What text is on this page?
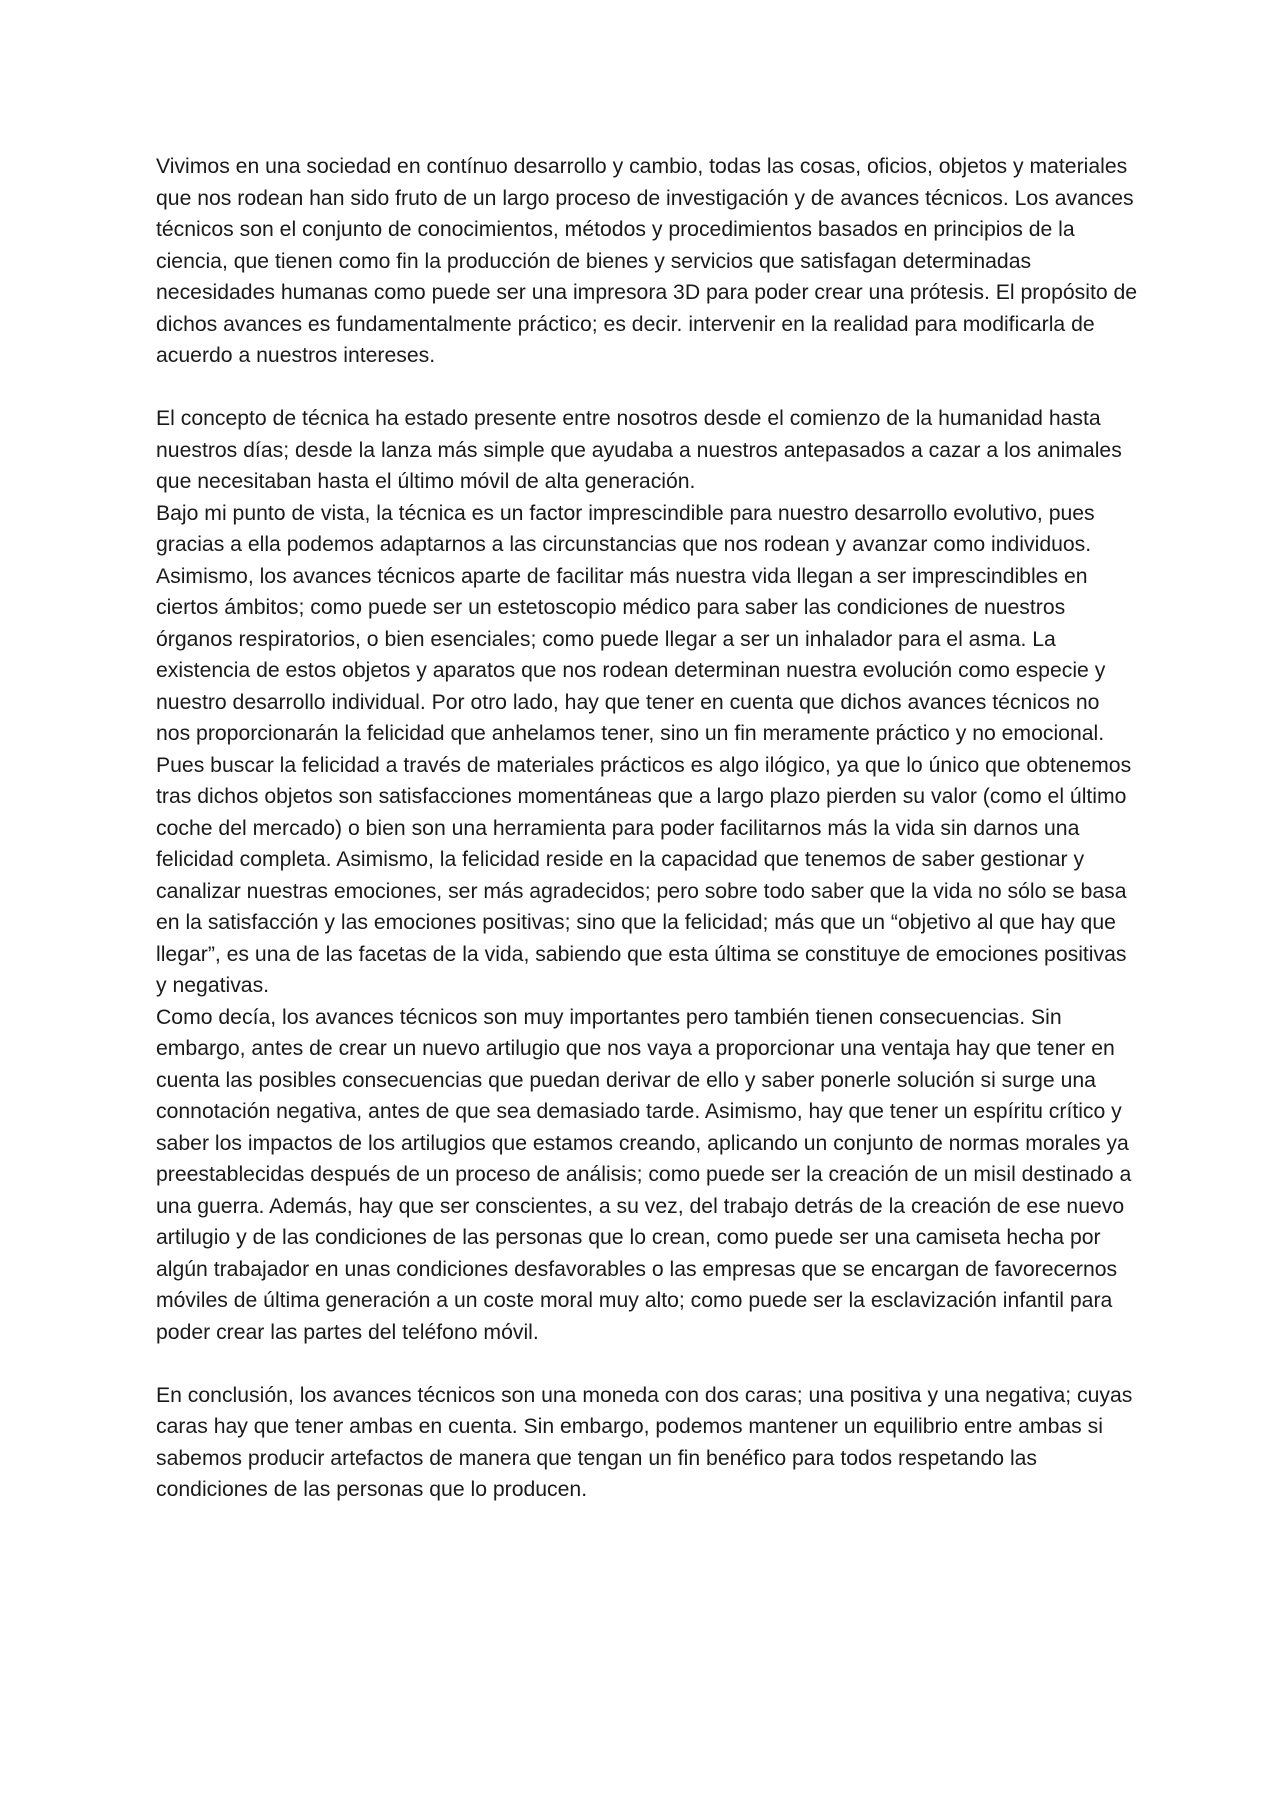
Vivimos en una sociedad en contínuo desarrollo y cambio, todas las cosas, oficios, objetos y materiales que nos rodean han sido fruto de un largo proceso de investigación y de avances técnicos. Los avances técnicos son el conjunto de conocimientos, métodos y procedimientos basados en principios de la ciencia, que tienen como fin la producción de bienes y servicios que satisfagan determinadas necesidades humanas como puede ser una impresora 3D para poder crear una prótesis. El propósito de dichos avances es fundamentalmente práctico; es decir. intervenir en la realidad para modificarla de acuerdo a nuestros intereses.

El concepto de técnica ha estado presente entre nosotros desde el comienzo de la humanidad hasta nuestros días; desde la lanza más simple que ayudaba a nuestros antepasados a cazar a los animales que necesitaban hasta el último móvil de alta generación.

Bajo mi punto de vista, la técnica es un factor imprescindible para nuestro desarrollo evolutivo, pues gracias a ella podemos adaptarnos a las circunstancias que nos rodean y avanzar como individuos. Asimismo, los avances técnicos aparte de facilitar más nuestra vida llegan a ser imprescindibles en ciertos ámbitos; como puede ser un estetoscopio médico para saber las condiciones de nuestros órganos respiratorios, o bien esenciales; como puede llegar a ser un inhalador para el asma. La existencia de estos objetos y aparatos que nos rodean determinan nuestra evolución como especie y nuestro desarrollo individual. Por otro lado, hay que tener en cuenta que dichos avances técnicos no nos proporcionarán la felicidad que anhelamos tener, sino un fin meramente práctico y no emocional. Pues buscar la felicidad a través de materiales prácticos es algo ilógico, ya que lo único que obtenemos tras dichos objetos son satisfacciones momentáneas que a largo plazo pierden su valor (como el último coche del mercado) o bien son una herramienta para poder facilitarnos más la vida sin darnos una felicidad completa. Asimismo, la felicidad reside en la capacidad que tenemos de saber gestionar y canalizar nuestras emociones, ser más agradecidos; pero sobre todo saber que la vida no sólo se basa en la satisfacción y las emociones positivas; sino que la felicidad; más que un “objetivo al que hay que llegar”, es una de las facetas de la vida, sabiendo que esta última se constituye de emociones positivas y negativas.

Como decía, los avances técnicos son muy importantes pero también tienen consecuencias. Sin embargo, antes de crear un nuevo artilugio que nos vaya a proporcionar una ventaja hay que tener en cuenta las posibles consecuencias que puedan derivar de ello y saber ponerle solución si surge una connotación negativa, antes de que sea demasiado tarde. Asimismo, hay que tener un espíritu crítico y saber los impactos de los artilugios que estamos creando, aplicando un conjunto de normas morales ya preestablecidas después de un proceso de análisis; como puede ser la creación de un misil destinado a una guerra. Además, hay que ser conscientes, a su vez, del trabajo detrás de la creación de ese nuevo artilugio y de las condiciones de las personas que lo crean, como puede ser una camiseta hecha por algún trabajador en unas condiciones desfavorables o las empresas que se encargan de favorecernos móviles de última generación a un coste moral muy alto; como puede ser la esclavización infantil para poder crear las partes del teléfono móvil.

En conclusión, los avances técnicos son una moneda con dos caras; una positiva y una negativa; cuyas caras hay que tener ambas en cuenta. Sin embargo, podemos mantener un equilibrio entre ambas si sabemos producir artefactos de manera que tengan un fin benéfico para todos respetando las condiciones de las personas que lo producen.
